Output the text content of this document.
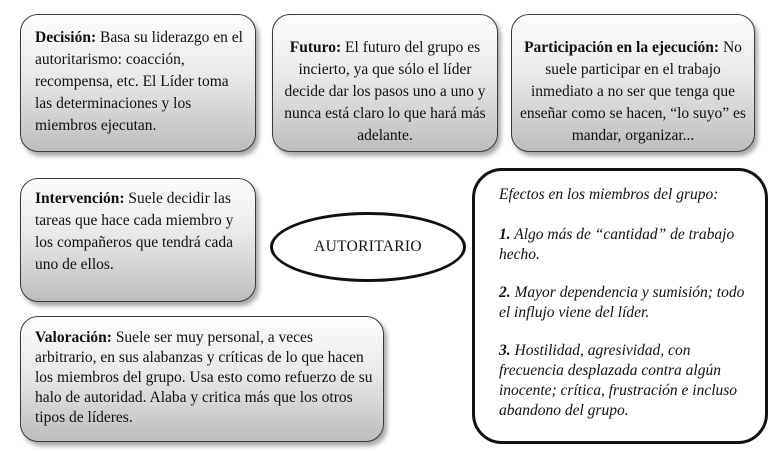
Decisión: Basa su liderazgo en el autoritarismo: coacción, recompensa, etc. El Líder toma las determinaciones y los miembros ejecutan.
Futuro: El futuro del grupo es incierto, ya que sólo el líder decide dar los pasos uno a uno y nunca está claro lo que hará más adelante.
Participación en la ejecución: No suele participar en el trabajo inmediato a no ser que tenga que enseñar como se hacen, “lo suyo” es mandar, organizar...
Intervención: Suele decidir las tareas que hace cada miembro y los compañeros que tendrá cada uno de ellos.
AUTORITARIO
Valoración: Suele ser muy personal, a veces arbitrario, en sus alabanzas y críticas de lo que hacen los miembros del grupo. Usa esto como refuerzo de su halo de autoridad. Alaba y critica más que los otros tipos de líderes.

Efectos en los miembros del grupo:

1. Algo más de “cantidad” de trabajo hecho.

2. Mayor dependencia y sumisión; todo el influjo viene del líder.

3. Hostilidad, agresividad, con frecuencia desplazada contra algún inocente; crítica, frustración e incluso abandono del grupo.
